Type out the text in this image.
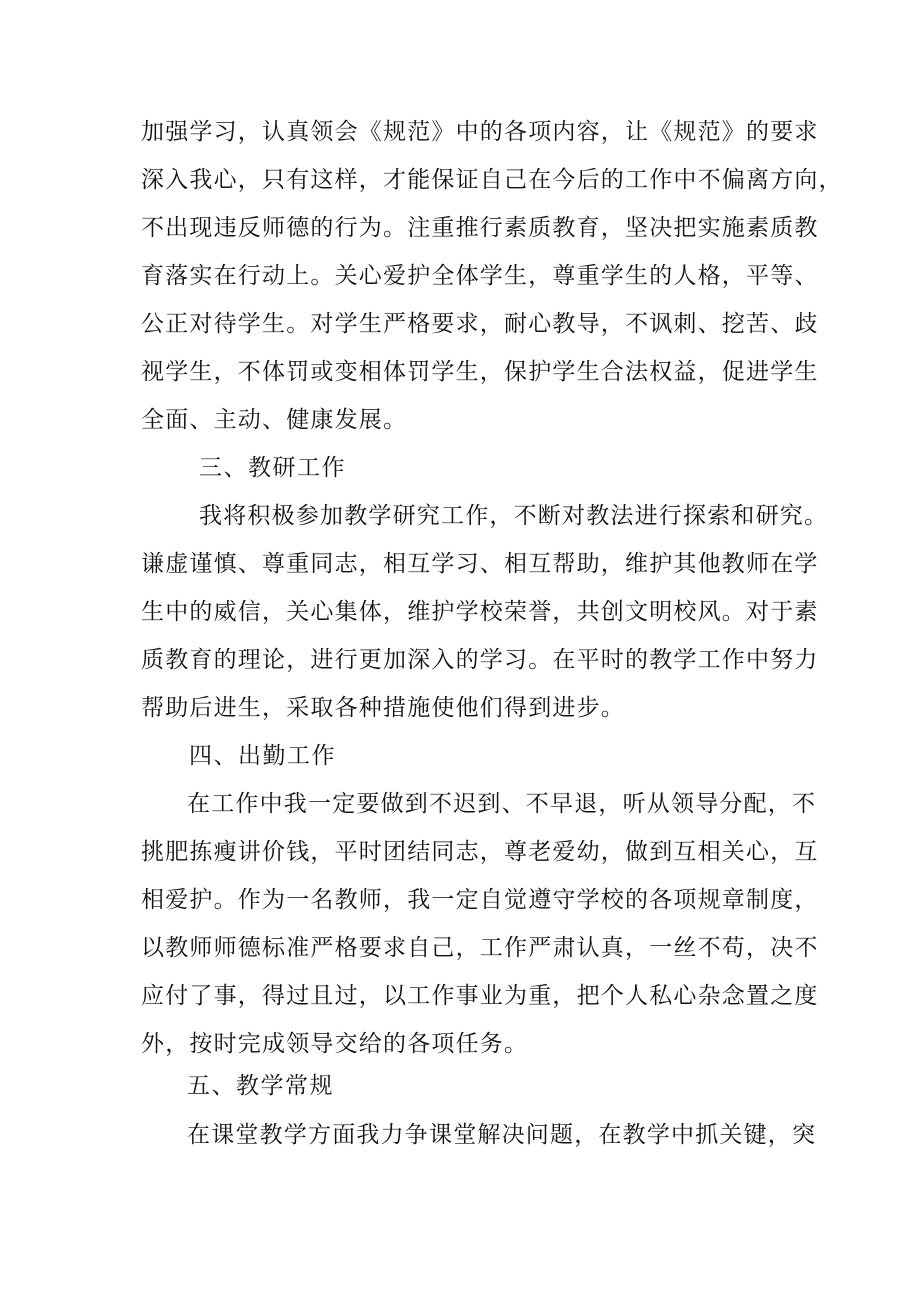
加强学习，认真领会《规范》中的各项内容，让《规范》的要求
深入我心，只有这样，才能保证自己在今后的工作中不偏离方向，
不出现违反师德的行为。注重推行素质教育，坚决把实施素质教
育落实在行动上。关心爱护全体学生，尊重学生的人格，平等、
公正对待学生。对学生严格要求，耐心教导，不讽刺、挖苦、歧
视学生，不体罚或变相体罚学生，保护学生合法权益，促进学生
全面、主动、健康发展。
三、教研工作
我将积极参加教学研究工作，不断对教法进行探索和研究。
谦虚谨慎、尊重同志，相互学习、相互帮助，维护其他教师在学
生中的威信，关心集体，维护学校荣誉，共创文明校风。对于素
质教育的理论，进行更加深入的学习。在平时的教学工作中努力
帮助后进生，采取各种措施使他们得到进步。
四、出勤工作
在工作中我一定要做到不迟到、不早退，听从领导分配，不
挑肥拣瘦讲价钱，平时团结同志，尊老爱幼，做到互相关心，互
相爱护。作为一名教师，我一定自觉遵守学校的各项规章制度，
以教师师德标准严格要求自己，工作严肃认真，一丝不苟，决不
应付了事，得过且过，以工作事业为重，把个人私心杂念置之度
外，按时完成领导交给的各项任务。
五、教学常规
在课堂教学方面我力争课堂解决问题，在教学中抓关键，突
